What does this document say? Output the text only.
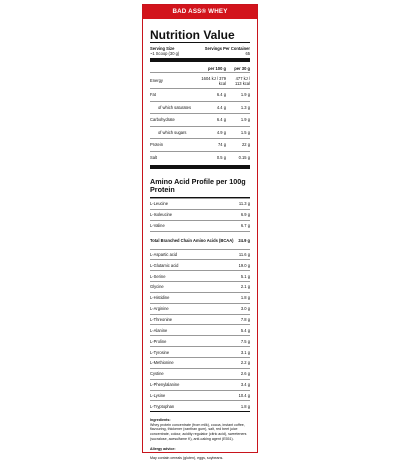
BAD ASS® WHEY
Nutrition Value
Serving Size
~1 Scoop (30 g)
Servings Per Container
65
	per 100 g	per 30 g
Energy	1604 kJ / 379 kcal	477 kJ / 113 kcal
Fat	6.4 g	1.9 g
of which saturates	4.4 g	1.3 g
Carbohydrate	6.4 g	1.9 g
of which sugars	4.9 g	1.5 g
Protein	74 g	22 g
Salt	0.5 g	0.15 g
Amino Acid Profile per 100g Protein
L-Leucine	11.3 g
L-Isoleucine	6.9 g
L-Valine	6.7 g
Total Branched Chain Amino Acids (BCAA)	24.9 g
L-Aspartic acid	11.6 g
L-Glutamic acid	19.0 g
L-Serine	5.1 g
Glycine	2.1 g
L-Histidine	1.8 g
L-Arginine	3.0 g
L-Threonine	7.8 g
L-Alanine	5.4 g
L-Proline	7.5 g
L-Tyrosine	3.1 g
L-Methionine	2.2 g
Cystine	2.6 g
L-Phenylalanine	3.4 g
L-Lysine	10.4 g
L-Tryptophan	1.8 g
Ingredients:
Whey protein concentrate (from milk), cocoa, instant coffee, flavouring, thickener (xanthan gum), salt, red beet juice concentrate, colour, acidity regulator (citric acid), sweeteners (sucralose, acesulfame K), anti-caking agent (E551).
Allergy advice:
May contain cereals (gluten), eggs, soybeans.
